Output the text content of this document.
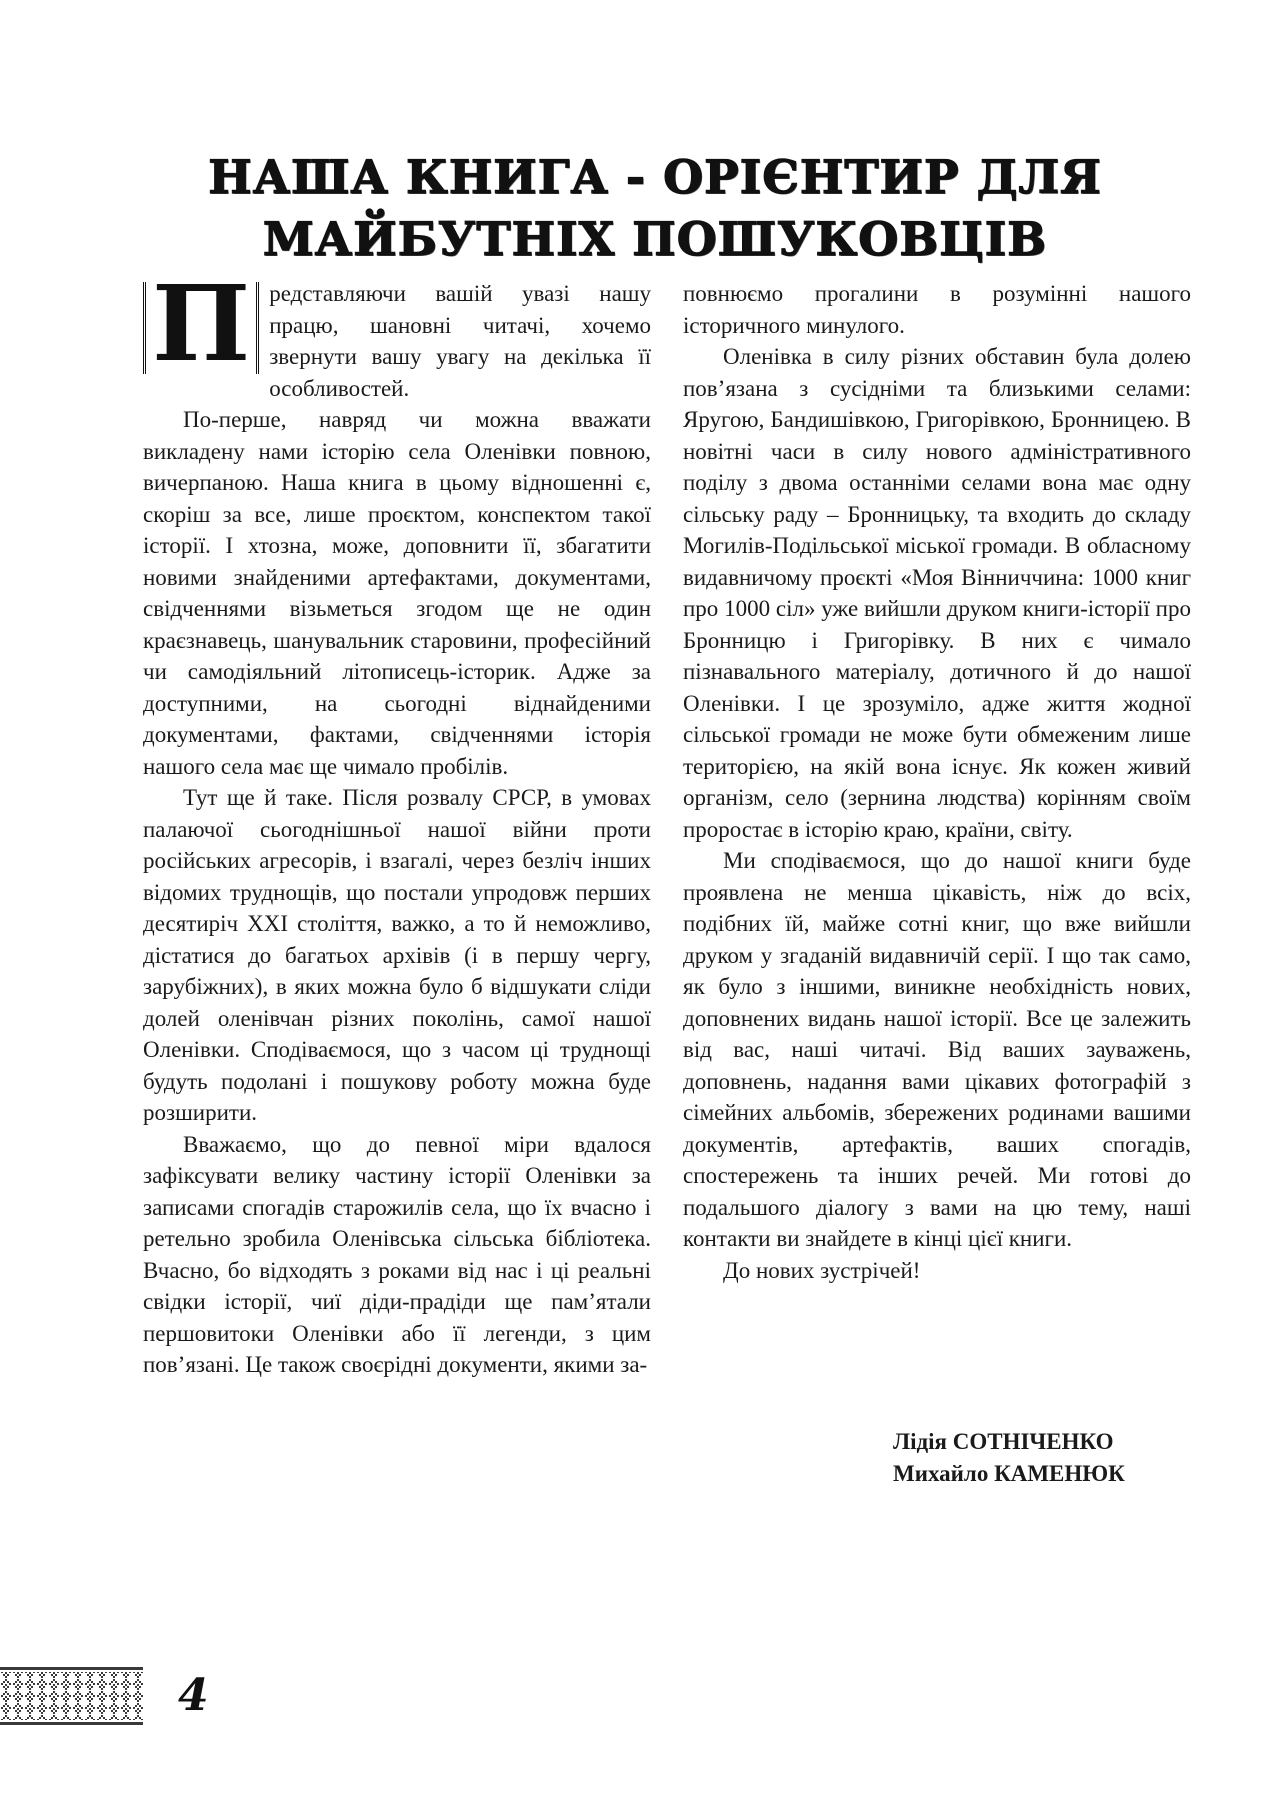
НАША КНИГА - ОРІЄНТИР ДЛЯ МАЙБУТНІХ ПОШУКОВЦІВ

П редставляючи вашій увазі нашу працю, шановні читачі, хочемо звернути вашу увагу на декілька її особливостей.

По-перше, навряд чи можна вважати викладену нами історію села Оленівки повною, вичерпаною. Наша книга в цьому відношенні є, скоріш за все, лише проєктом, конспектом такої історії. І хтозна, може, доповнити її, збагатити новими знайденими артефактами, документами, свідченнями візьметься згодом ще не один краєзнавець, шанувальник старовини, професійний чи самодіяльний літописець-історик. Адже за доступними, на сьогодні віднайденими документами, фактами, свідченнями історія нашого села має ще чимало пробілів.

Тут ще й таке. Після розвалу СРСР, в умовах палаючої сьогоднішньої нашої війни проти російських агресорів, і взагалі, через безліч інших відомих труднощів, що постали упродовж перших десятиріч XXI століття, важко, а то й неможливо, дістатися до багатьох архівів (і в першу чергу, зарубіжних), в яких можна було б відшукати сліди долей оленівчан різних поколінь, самої нашої Оленівки. Сподіваємося, що з часом ці труднощі будуть подолані і пошукову роботу можна буде розширити.

Вважаємо, що до певної міри вдалося зафіксувати велику частину історії Оленівки за записами спогадів старожилів села, що їх вчасно і ретельно зробила Оленівська сільська бібліотека. Вчасно, бо відходять з роками від нас і ці реальні свідки історії, чиї діди-прадіди ще пам’ятали першовитоки Оленівки або її легенди, з цим пов’язані. Це також своєрідні документи, якими за-

повнюємо прогалини в розумінні нашого історичного минулого.

Оленівка в силу різних обставин була долею пов’язана з сусідніми та близькими селами: Яругою, Бандишівкою, Григорівкою, Бронницею. В новітні часи в силу нового адміністративного поділу з двома останніми селами вона має одну сільську раду – Бронницьку, та входить до складу Могилів-Подільської міської громади. В обласному видавничому проєкті «Моя Вінниччина: 1000 книг про 1000 сіл» уже вийшли друком книги-історії про Бронницю і Григорівку. В них є чимало пізнавального матеріалу, дотичного й до нашої Оленівки. І це зрозуміло, адже життя жодної сільської громади не може бути обмеженим лише територією, на якій вона існує. Як кожен живий організм, село (зернина людства) корінням своїм проростає в історію краю, країни, світу.

Ми сподіваємося, що до нашої книги буде проявлена не менша цікавість, ніж до всіх, подібних їй, майже сотні книг, що вже вийшли друком у згаданій видавничій серії. І що так само, як було з іншими, виникне необхідність нових, доповнених видань нашої історії. Все це залежить від вас, наші читачі. Від ваших зауважень, доповнень, надання вами цікавих фотографій з сімейних альбомів, збережених родинами вашими документів, артефактів, ваших спогадів, спостережень та інших речей. Ми готові до подальшого діалогу з вами на цю тему, наші контакти ви знайдете в кінці цієї книги.

До нових зустрічей!

Лідія СОТНІЧЕНКО
Михайло КАМЕНЮК
4
